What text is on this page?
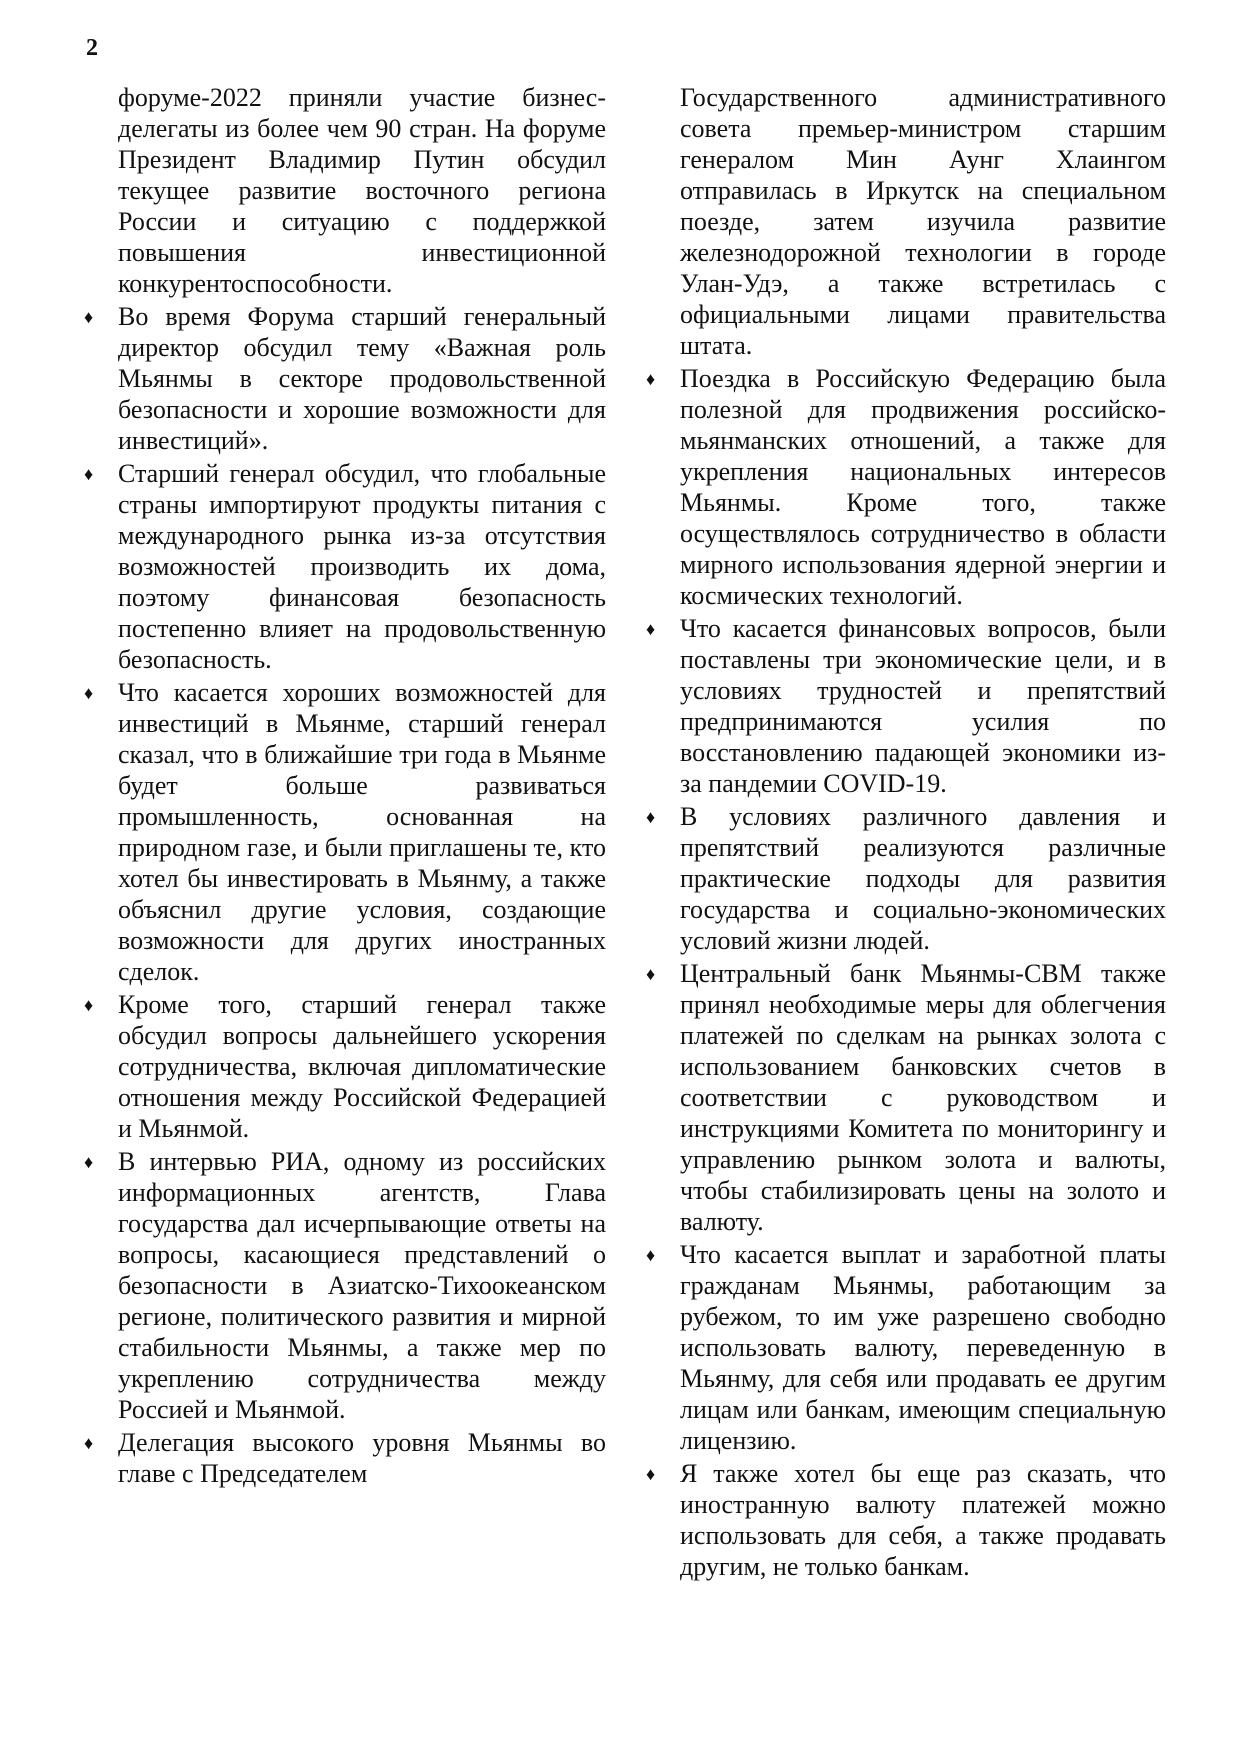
2
форуме-2022 приняли участие бизнес-делегаты из более чем 90 стран. На форуме Президент Владимир Путин обсудил текущее развитие восточного региона России и ситуацию с поддержкой повышения инвестиционной конкурентоспособности.
♦ Во время Форума старший генеральный директор обсудил тему «Важная роль Мьянмы в секторе продовольственной безопасности и хорошие возможности для инвестиций».
♦ Старший генерал обсудил, что глобальные страны импортируют продукты питания с международного рынка из-за отсутствия возможностей производить их дома, поэтому финансовая безопасность постепенно влияет на продовольственную безопасность.
♦ Что касается хороших возможностей для инвестиций в Мьянме, старший генерал сказал, что в ближайшие три года в Мьянме будет больше развиваться промышленность, основанная на природном газе, и были приглашены те, кто хотел бы инвестировать в Мьянму, а также объяснил другие условия, создающие возможности для других иностранных сделок.
♦ Кроме того, старший генерал также обсудил вопросы дальнейшего ускорения сотрудничества, включая дипломатические отношения между Российской Федерацией и Мьянмой.
♦ В интервью РИА, одному из российских информационных агентств, Глава государства дал исчерпывающие ответы на вопросы, касающиеся представлений о безопасности в Азиатско-Тихоокеанском регионе, политического развития и мирной стабильности Мьянмы, а также мер по укреплению сотрудничества между Россией и Мьянмой.
♦ Делегация высокого уровня Мьянмы во главе с Председателем
Государственного административного совета премьер-министром старшим генералом Мин Аунг Хлаингом отправилась в Иркутск на специальном поезде, затем изучила развитие железнодорожной технологии в городе Улан-Удэ, а также встретилась с официальными лицами правительства штата.
♦ Поездка в Российскую Федерацию была полезной для продвижения российско-мьянманских отношений, а также для укрепления национальных интересов Мьянмы. Кроме того, также осуществлялось сотрудничество в области мирного использования ядерной энергии и космических технологий.
♦ Что касается финансовых вопросов, были поставлены три экономические цели, и в условиях трудностей и препятствий предпринимаются усилия по восстановлению падающей экономики из-за пандемии COVID-19.
♦ В условиях различного давления и препятствий реализуются различные практические подходы для развития государства и социально-экономических условий жизни людей.
♦ Центральный банк Мьянмы-CBM также принял необходимые меры для облегчения платежей по сделкам на рынках золота с использованием банковских счетов в соответствии с руководством и инструкциями Комитета по мониторингу и управлению рынком золота и валюты, чтобы стабилизировать цены на золото и валюту.
♦ Что касается выплат и заработной платы гражданам Мьянмы, работающим за рубежом, то им уже разрешено свободно использовать валюту, переведенную в Мьянму, для себя или продавать ее другим лицам или банкам, имеющим специальную лицензию.
♦ Я также хотел бы еще раз сказать, что иностранную валюту платежей можно использовать для себя, а также продавать другим, не только банкам.
